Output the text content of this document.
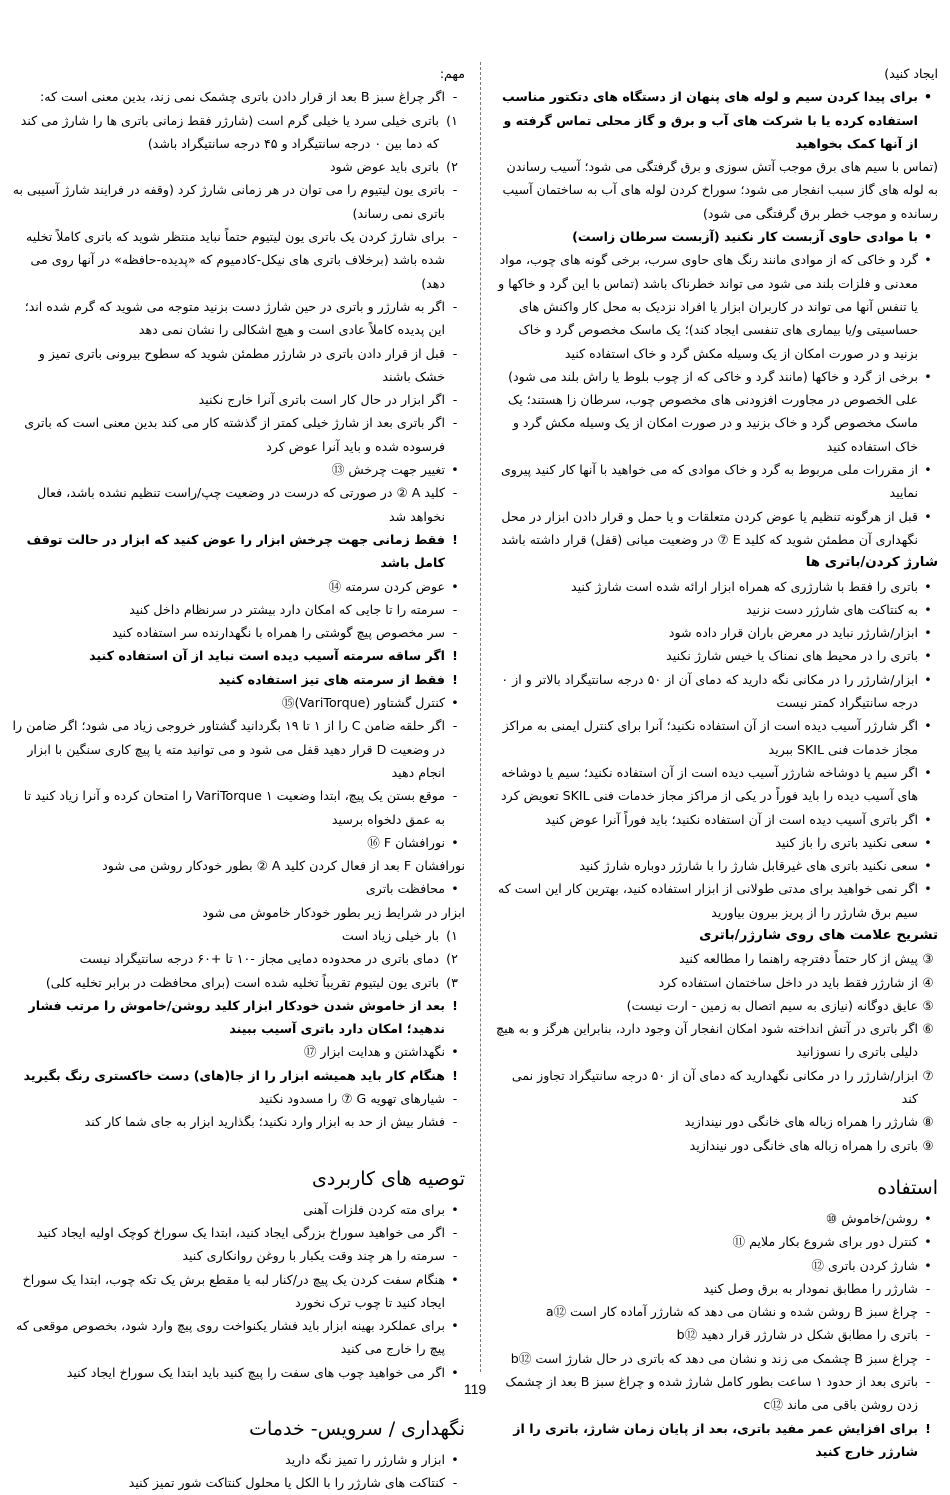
ایجاد کنید)
•
برای پیدا کردن سیم و لوله های پنهان از دستگاه های دتکتور مناسب استفاده کرده یا با شرکت های آب و برق و گاز محلی تماس گرفته و از آنها کمک بخواهید
(تماس با سیم های برق موجب آتش سوزی و برق گرفتگی می شود؛ آسیب رساندن به لوله های گاز سبب انفجار می شود؛ سوراخ کردن لوله های آب به ساختمان آسیب رسانده و موجب خطر برق گرفتگی می شود)
•
با موادی حاوی آزبست کار نکنید (آزبست سرطان زاست)
•
گرد و خاکی که از موادی مانند رنگ های حاوی سرب، برخی گونه های چوب، مواد معدنی و فلزات بلند می شود می تواند خطرناک باشد (تماس با این گرد و خاکها و یا تنفس آنها می تواند در کاربران ابزار یا افراد نزدیک به محل کار واکنش های حساسیتی و/یا بیماری های تنفسی ایجاد کند)؛ یک ماسک مخصوص گرد و خاک بزنید و در صورت امکان از یک وسیله مکش گرد و خاک استفاده کنید
•
برخی از گرد و خاکها (مانند گرد و خاکی که از چوب بلوط یا راش بلند می شود) علی الخصوص در مجاورت افزودنی های مخصوص چوب، سرطان زا هستند؛ یک ماسک مخصوص گرد و خاک بزنید و در صورت امکان از یک وسیله مکش گرد و خاک استفاده کنید
•
از مقررات ملی مربوط به گرد و خاک موادی که می خواهید با آنها کار کنید پیروی نمایید
•
قبل از هرگونه تنظیم یا عوض کردن متعلقات و یا حمل و قرار دادن ابزار در محل نگهداری آن مطمئن شوید که کلید E ⑦ در وضعیت میانی (قفل) قرار داشته باشد
شارژ کردن/باتری ها
•
باتری را فقط با شارژری که همراه ابزار ارائه شده است شارژ کنید
•
به کنتاکت های شارژر دست نزنید
•
ابزار/شارژر نباید در معرض باران قرار داده شود
•
باتری را در محیط های نمناک یا خیس شارژ نکنید
•
ابزار/شارژر را در مکانی نگه دارید که دمای آن از ۵۰ درجه سانتیگراد بالاتر و از ۰ درجه سانتیگراد کمتر نیست
•
اگر شارژر آسیب دیده است از آن استفاده نکنید؛ آنرا برای کنترل ایمنی به مراکز مجاز خدمات فنی SKIL ببرید
•
اگر سیم یا دوشاخه شارژر آسیب دیده است از آن استفاده نکنید؛ سیم یا دوشاخه های آسیب دیده را باید فوراً در یکی از مراکز مجاز خدمات فنی SKIL تعویض کرد
•
اگر باتری آسیب دیده است از آن استفاده نکنید؛ باید فوراً آنرا عوض کنید
•
سعی نکنید باتری را باز کنید
•
سعی نکنید باتری های غیرقابل شارژ را با شارژر دوباره شارژ کنید
•
اگر نمی خواهید برای مدتی طولانی از ابزار استفاده کنید، بهترین کار این است که سیم برق شارژر را از پریز بیرون بیاورید
تشریح علامت های روی شارژر/باتری
③
پیش از کار حتماً دفترچه راهنما را مطالعه کنید
④
از شارژر فقط باید در داخل ساختمان استفاده کرد
⑤
عایق دوگانه (نیازی به سیم اتصال به زمین - ارت نیست)
⑥
اگر باتری در آتش انداخته شود امکان انفجار آن وجود دارد، بنابراین هرگز و به هیچ دلیلی باتری را نسوزانید
⑦
ابزار/شارژر را در مکانی نگهدارید که دمای آن از ۵۰ درجه سانتیگراد تجاوز نمی کند
⑧
شارژر را همراه زباله های خانگی دور نیندازید
⑨
باتری را همراه زباله های خانگی دور نیندازید
استفاده
•
روشن/خاموش ⑩
•
کنترل دور برای شروع بکار ملایم ⑪
•
شارژ کردن باتری ⑫
-
شارژر را مطابق نمودار به برق وصل کنید
-
چراغ سبز B روشن شده و نشان می دهد که شارژر آماده کار است ⑫a
-
باتری را مطابق شکل در شارژر قرار دهید ⑫b
-
چراغ سبز B چشمک می زند و نشان می دهد که باتری در حال شارژ است ⑫b
-
باتری بعد از حدود ۱ ساعت بطور کامل شارژ شده و چراغ سبز B بعد از چشمک زدن روشن باقی می ماند ⑫c
!
برای افزایش عمر مفید باتری، بعد از پایان زمان شارژ، باتری را از شارژر خارج کنید
مهم:
-
اگر چراغ سبز B بعد از قرار دادن باتری چشمک نمی زند، بدین معنی است که:
۱)
باتری خیلی سرد یا خیلی گرم است (شارژر فقط زمانی باتری ها را شارژ می کند که دما بین ۰ درجه سانتیگراد و ۴۵ درجه سانتیگراد باشد)
۲)
باتری باید عوض شود
-
باتری یون لیتیوم را می توان در هر زمانی شارژ کرد (وقفه در فرایند شارژ آسیبی به باتری نمی رساند)
-
برای شارژ کردن یک باتری یون لیتیوم حتماً نباید منتظر شوید که باتری کاملاً تخلیه شده باشد (برخلاف باتری های نیکل-کادمیوم که «پدیده-حافظه» در آنها روی می دهد)
-
اگر به شارژر و باتری در حین شارژ دست بزنید متوجه می شوید که گرم شده اند؛ این پدیده کاملاً عادی است و هیچ اشکالی را نشان نمی دهد
-
قبل از قرار دادن باتری در شارژر مطمئن شوید که سطوح بیرونی باتری تمیز و خشک باشند
-
اگر ابزار در حال کار است باتری آنرا خارج نکنید
-
اگر باتری بعد از شارژ خیلی کمتر از گذشته کار می کند بدین معنی است که باتری فرسوده شده و باید آنرا عوض کرد
•
تغییر جهت چرخش ⑬
-
کلید A ② در صورتی که درست در وضعیت چپ/راست تنظیم نشده باشد، فعال نخواهد شد
!
فقط زمانی جهت چرخش ابزار را عوض کنید که ابزار در حالت توقف کامل باشد
•
عوض کردن سرمته ⑭
-
سرمته را تا جایی که امکان دارد بیشتر در سرنظام داخل کنید
-
سر مخصوص پیچ گوشتی را همراه با نگهدارنده سر استفاده کنید
!
اگر ساقه سرمته آسیب دیده است نباید از آن استفاده کنید
!
فقط از سرمته های تیز استفاده کنید
•
کنترل گشتاور (VariTorque)⑮
-
اگر حلقه ضامن C را از ۱ تا ۱۹ بگردانید گشتاور خروجی زیاد می شود؛ اگر ضامن را در وضعیت D قرار دهید قفل می شود و می توانید مته یا پیچ کاری سنگین با ابزار انجام دهید
-
موقع بستن یک پیچ، ابتدا وضعیت VariTorque ۱ را امتحان کرده و آنرا زیاد کنید تا به عمق دلخواه برسید
•
نورافشان F ⑯
نورافشان F بعد از فعال کردن کلید A ② بطور خودکار روشن می شود
•
محافظت باتری
ابزار در شرایط زیر بطور خودکار خاموش می شود
۱)
بار خیلی زیاد است
۲)
دمای باتری در محدوده دمایی مجاز -۱۰ تا +۶۰ درجه سانتیگراد نیست
۳)
باتری یون لیتیوم تقریباً تخلیه شده است (برای محافظت در برابر تخلیه کلی)
!
بعد از خاموش شدن خودکار ابزار کلید روشن/خاموش را مرتب فشار ندهید؛ امکان دارد باتری آسیب ببیند
•
نگهداشتن و هدایت ابزار ⑰
!
هنگام کار باید همیشه ابزار را از جا(های) دست خاکستری رنگ بگیرید
-
شیارهای تهویه G ⑦ را مسدود نکنید
-
فشار بیش از حد به ابزار وارد نکنید؛ بگذارید ابزار به جای شما کار کند
توصیه های کاربردی
•
برای مته کردن فلزات آهنی
-
اگر می خواهید سوراخ بزرگی ایجاد کنید، ابتدا یک سوراخ کوچک اولیه ایجاد کنید
-
سرمته را هر چند وقت یکبار با روغن روانکاری کنید
•
هنگام سفت کردن یک پیچ در/کنار لبه یا مقطع برش یک تکه چوب، ابتدا یک سوراخ ایجاد کنید تا چوب ترک نخورد
•
برای عملکرد بهینه ابزار باید فشار یکنواخت روی پیچ وارد شود، بخصوص موقعی که پیچ را خارج می کنید
•
اگر می خواهید چوب های سفت را پیچ کنید باید ابتدا یک سوراخ ایجاد کنید
نگهداری / سرویس- خدمات
•
ابزار و شارژر را تمیز نگه دارید
-
کنتاکت های شارژر را با الکل یا محلول کنتاکت شور تمیز کنید
119
